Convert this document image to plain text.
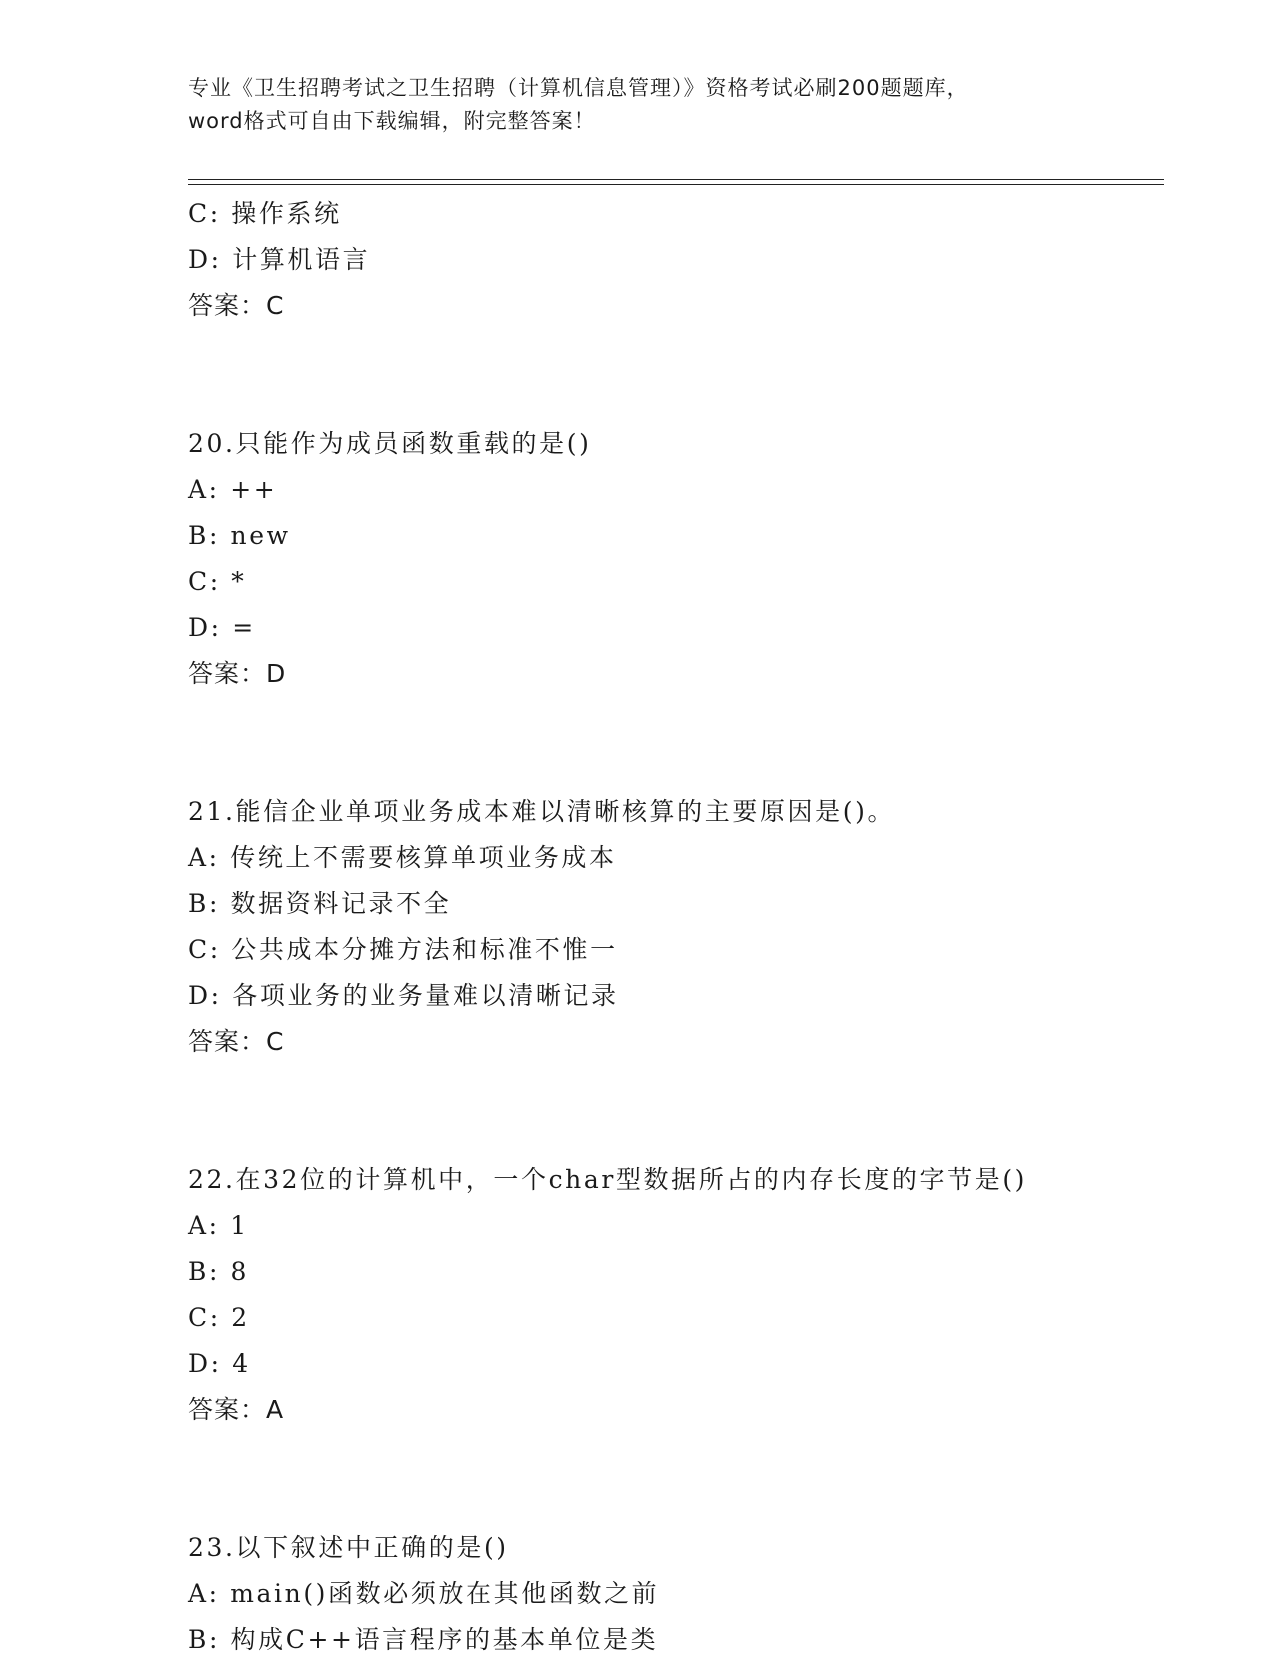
专业《卫生招聘考试之卫生招聘（计算机信息管理）》资格考试必刷200题题库，
word格式可自由下载编辑，附完整答案！
C: 操作系统
D: 计算机语言
答案：C
20.只能作为成员函数重载的是()
A: ++
B: new
C: *
D: =
答案：D
21.能信企业单项业务成本难以清晰核算的主要原因是()。
A: 传统上不需要核算单项业务成本
B: 数据资料记录不全
C: 公共成本分摊方法和标准不惟一
D: 各项业务的业务量难以清晰记录
答案：C
22.在32位的计算机中，一个char型数据所占的内存长度的字节是()
A: 1
B: 8
C: 2
D: 4
答案：A
23.以下叙述中正确的是()
A: main()函数必须放在其他函数之前
B: 构成C++语言程序的基本单位是类
